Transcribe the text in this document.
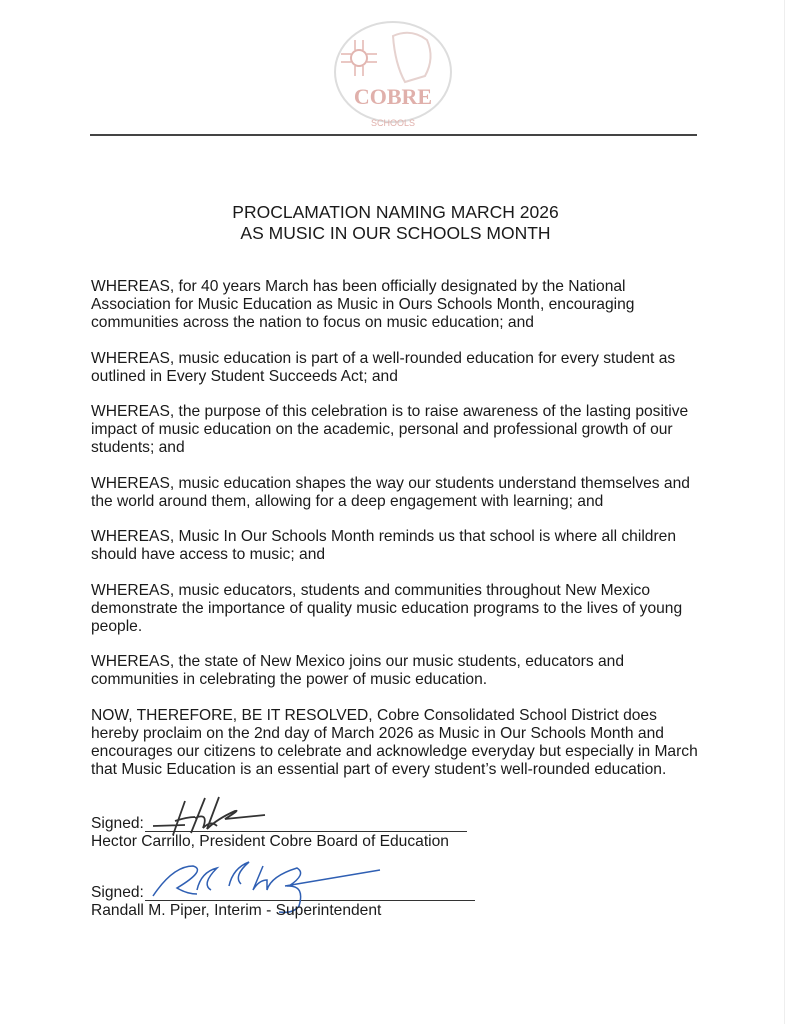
COBRE
SCHOOLS
PROCLAMATION NAMING MARCH 2026
AS MUSIC IN OUR SCHOOLS MONTH
WHEREAS, for 40 years March has been officially designated by the National
Association for Music Education as Music in Ours Schools Month, encouraging
communities across the nation to focus on music education; and
WHEREAS, music education is part of a well-rounded education for every student as
outlined in Every Student Succeeds Act; and
WHEREAS, the purpose of this celebration is to raise awareness of the lasting positive
impact of music education on the academic, personal and professional growth of our
students; and
WHEREAS, music education shapes the way our students understand themselves and
the world around them, allowing for a deep engagement with learning; and
WHEREAS, Music In Our Schools Month reminds us that school is where all children
should have access to music; and
WHEREAS, music educators, students and communities throughout New Mexico
demonstrate the importance of quality music education programs to the lives of young
people.
WHEREAS, the state of New Mexico joins our music students, educators and
communities in celebrating the power of music education.
NOW, THEREFORE, BE IT RESOLVED, Cobre Consolidated School District does
hereby proclaim on the 2nd day of March 2026 as Music in Our Schools Month and
encourages our citizens to celebrate and acknowledge everyday but especially in March
that Music Education is an essential part of every student’s well-rounded education.
Signed:
Hector Carrillo, President Cobre Board of Education
Signed:
Randall M. Piper, Interim - Superintendent
